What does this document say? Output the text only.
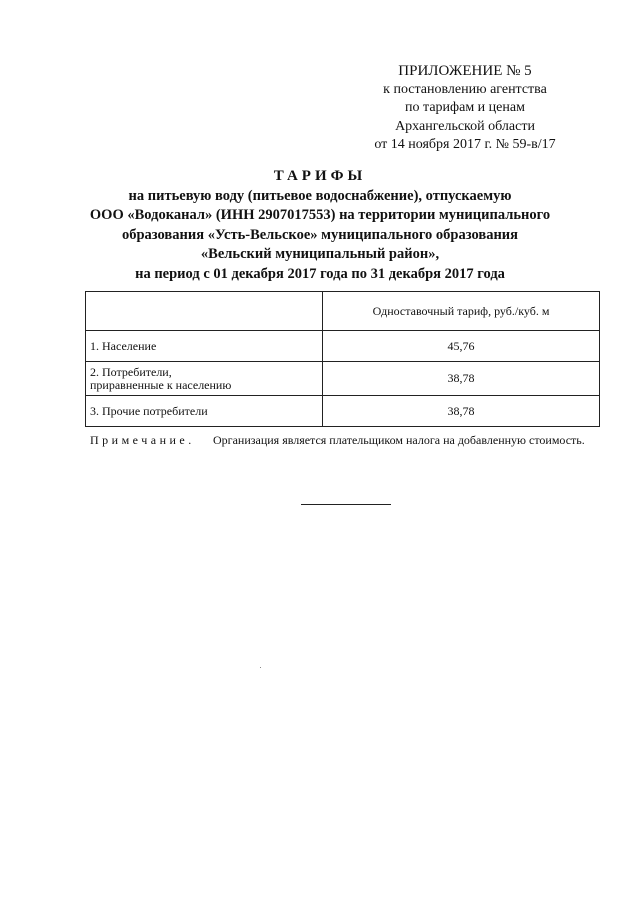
ПРИЛОЖЕНИЕ № 5
к постановлению агентства
по тарифам и ценам
Архангельской области
от 14 ноября 2017 г. № 59-в/17
ТАРИФЫ
на питьевую воду (питьевое водоснабжение), отпускаемую
ООО «Водоканал» (ИНН 2907017553) на территории муниципального
образования «Усть-Вельское» муниципального образования
«Вельский муниципальный район»,
на период с 01 декабря 2017 года по 31 декабря 2017 года
	Одноставочный тариф, руб./куб. м
1. Население	45,76

2. Потребители,
приравненные к населению	38,78
3. Прочие потребители	38,78
Примечание. Организация является плательщиком налога на добавленную стоимость.
